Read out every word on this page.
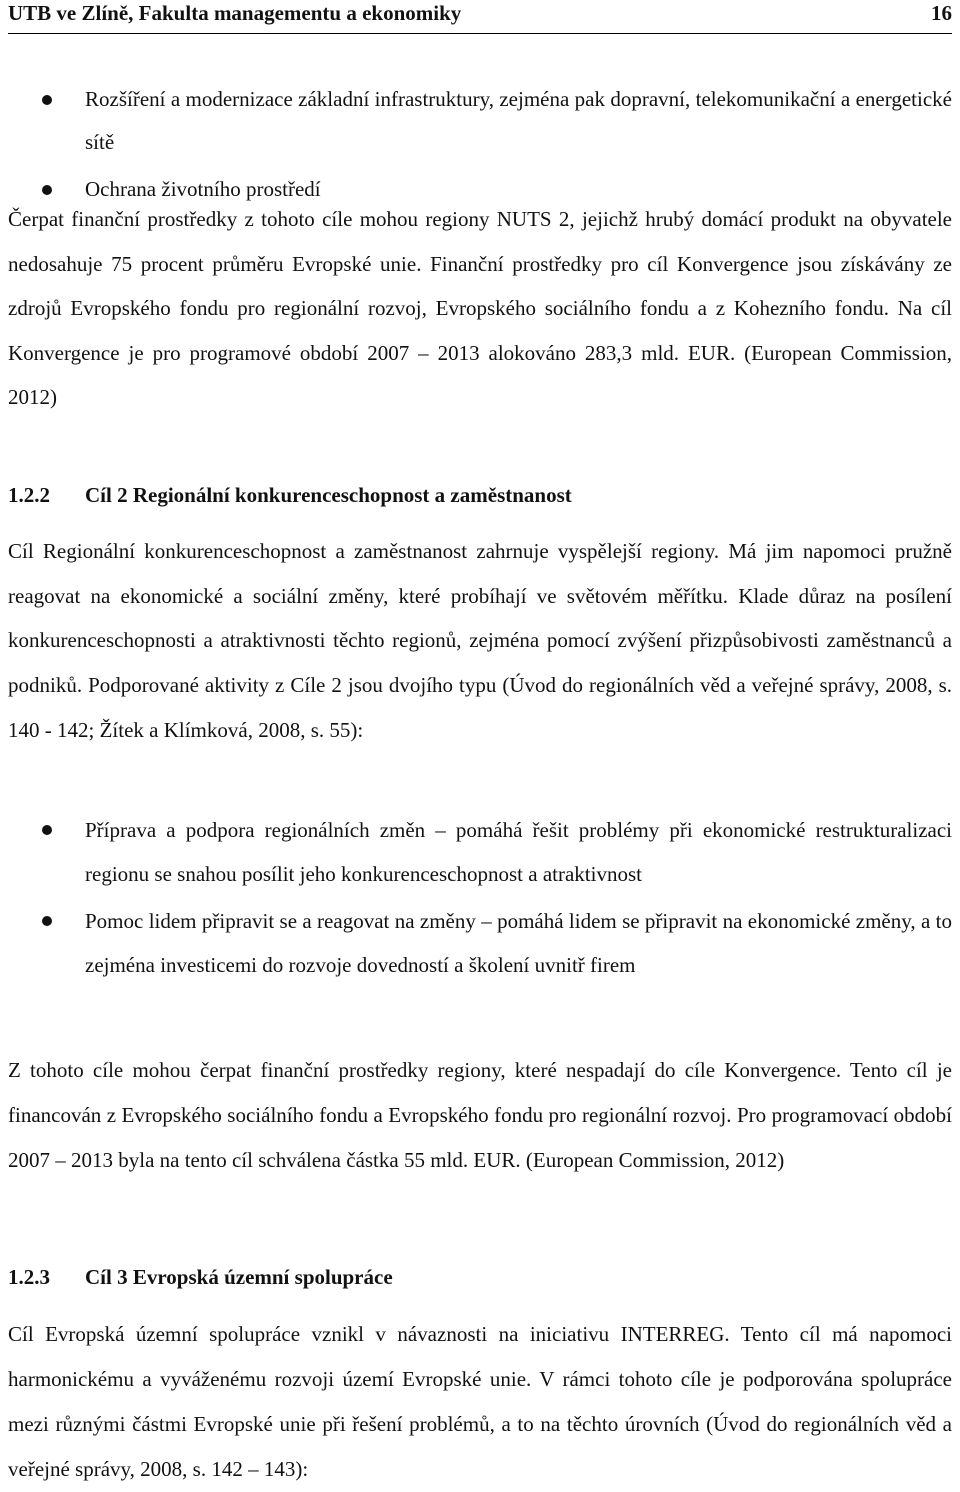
UTB ve Zlíně, Fakulta managementu a ekonomiky	16
Rozšíření a modernizace základní infrastruktury, zejména pak dopravní, telekomunikační a energetické sítě
Ochrana životního prostředí
Čerpat finanční prostředky z tohoto cíle mohou regiony NUTS 2, jejichž hrubý domácí produkt na obyvatele nedosahuje 75 procent průměru Evropské unie. Finanční prostředky pro cíl Konvergence jsou získávány ze zdrojů Evropského fondu pro regionální rozvoj, Evropského sociálního fondu a z Kohezního fondu. Na cíl Konvergence je pro programové období 2007 – 2013 alokováno 283,3 mld. EUR. (European Commission, 2012)
1.2.2 Cíl 2 Regionální konkurenceschopnost a zaměstnanost
Cíl Regionální konkurenceschopnost a zaměstnanost zahrnuje vyspělejší regiony. Má jim napomoci pružně reagovat na ekonomické a sociální změny, které probíhají ve světovém měřítku. Klade důraz na posílení konkurenceschopnosti a atraktivnosti těchto regionů, zejména pomocí zvýšení přizpůsobivosti zaměstnanců a podniků. Podporované aktivity z Cíle 2 jsou dvojího typu (Úvod do regionálních věd a veřejné správy, 2008, s. 140 - 142; Žítek a Klímková, 2008, s. 55):
Příprava a podpora regionálních změn – pomáhá řešit problémy při ekonomické restrukturalizaci regionu se snahou posílit jeho konkurenceschopnost a atraktivnost
Pomoc lidem připravit se a reagovat na změny – pomáhá lidem se připravit na ekonomické změny, a to zejména investicemi do rozvoje dovedností a školení uvnitř firem
Z tohoto cíle mohou čerpat finanční prostředky regiony, které nespadají do cíle Konvergence. Tento cíl je financován z Evropského sociálního fondu a Evropského fondu pro regionální rozvoj. Pro programovací období 2007 – 2013 byla na tento cíl schválena částka 55 mld. EUR. (European Commission, 2012)
1.2.3 Cíl 3 Evropská územní spolupráce
Cíl Evropská územní spolupráce vznikl v návaznosti na iniciativu INTERREG. Tento cíl má napomoci harmonickému a vyváženému rozvoji území Evropské unie. V rámci tohoto cíle je podporována spolupráce mezi různými částmi Evropské unie při řešení problémů, a to na těchto úrovních (Úvod do regionálních věd a veřejné správy, 2008, s. 142 – 143):
